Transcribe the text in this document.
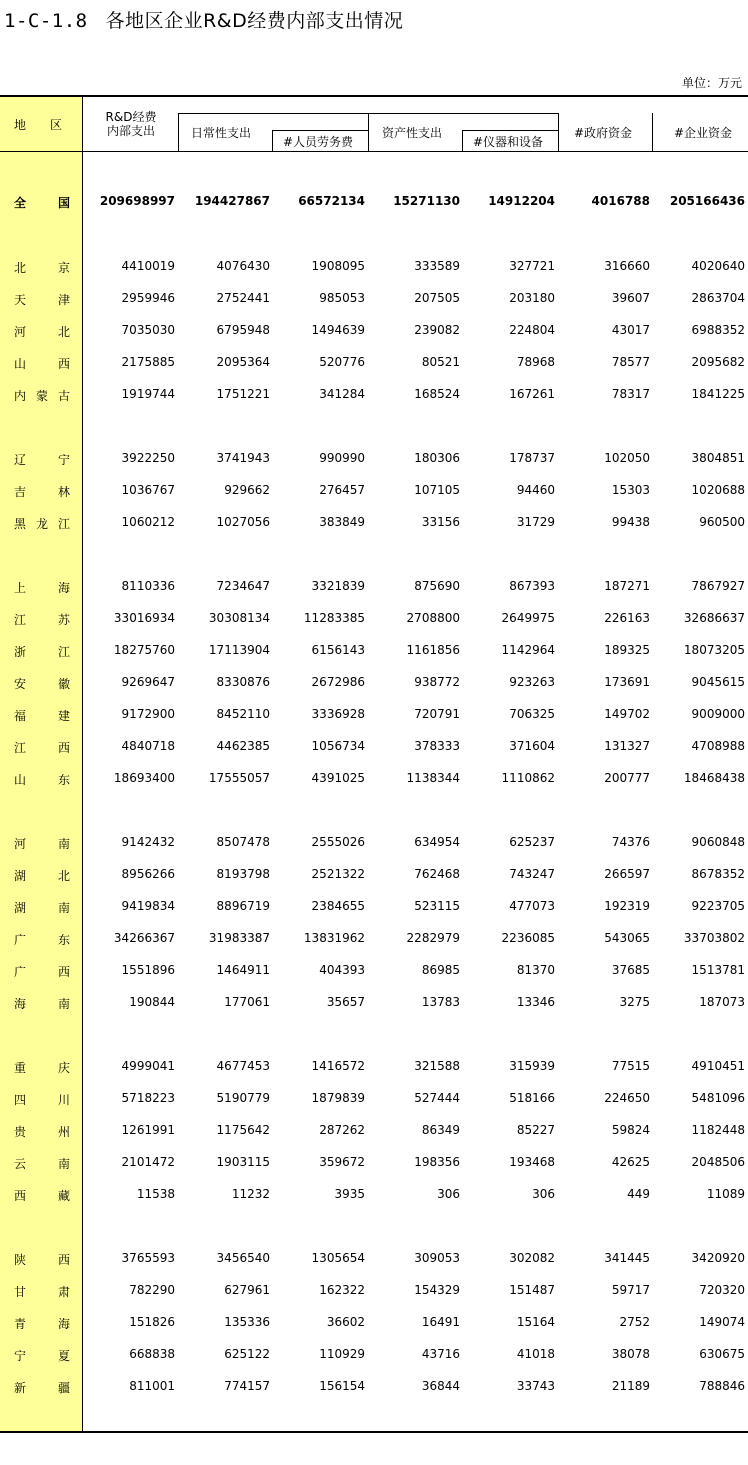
1-C-1.8 各地区企业R&D经费内部支出情况
单位：万元
地　　区
R&D经费
内部支出	日常性支出
#人员劳务费
资产性支出
#仪器和设备
#政府资金	#企业资金
全	国 209698997 194427867 66572134 15271130 14912204	4016788 205166436
北	京	4410019	4076430	1908095	333589	327721	316660	4020640
天	津	2959946	2752441	985053	207505	203180	39607	2863704
河	北	7035030	6795948	1494639	239082	224804	43017	6988352
山	西	2175885	2095364	520776	80521	78968	78577	2095682
内 蒙 古	1919744	1751221	341284	168524	167261	78317	1841225
辽	宁	3922250	3741943	990990	180306	178737	102050	3804851
吉	林	1036767	929662	276457	107105	94460	15303	1020688
黑 龙 江	1060212	1027056	383849	33156	31729	99438	960500
上	海	8110336	7234647	3321839	875690	867393	187271	7867927
江	苏	33016934	30308134	11283385	2708800	2649975	226163	32686637
浙	江	18275760	17113904	6156143	1161856	1142964	189325	18073205
安	徽	9269647	8330876	2672986	938772	923263	173691	9045615
福	建	9172900	8452110	3336928	720791	706325	149702	9009000
江	西	4840718	4462385	1056734	378333	371604	131327	4708988
山	东	18693400	17555057	4391025	1138344	1110862	200777	18468438
河	南	9142432	8507478	2555026	634954	625237	74376	9060848
湖	北	8956266	8193798	2521322	762468	743247	266597	8678352
湖	南	9419834	8896719	2384655	523115	477073	192319	9223705
广	东	34266367	31983387	13831962	2282979	2236085	543065	33703802
广	西	1551896	1464911	404393	86985	81370	37685	1513781
海	南	190844	177061	35657	13783	13346	3275	187073
重	庆	4999041	4677453	1416572	321588	315939	77515	4910451
四	川	5718223	5190779	1879839	527444	518166	224650	5481096
贵	州	1261991	1175642	287262	86349	85227	59824	1182448
云	南	2101472	1903115	359672	198356	193468	42625	2048506
西	藏	11538	11232	3935	306	306	449	11089
陕	西	3765593	3456540	1305654	309053	302082	341445	3420920
甘	肃	782290	627961	162322	154329	151487	59717	720320
青	海	151826	135336	36602	16491	15164	2752	149074
宁	夏	668838	625122	110929	43716	41018	38078	630675
新	疆	811001	774157	156154	36844	33743	21189	788846
